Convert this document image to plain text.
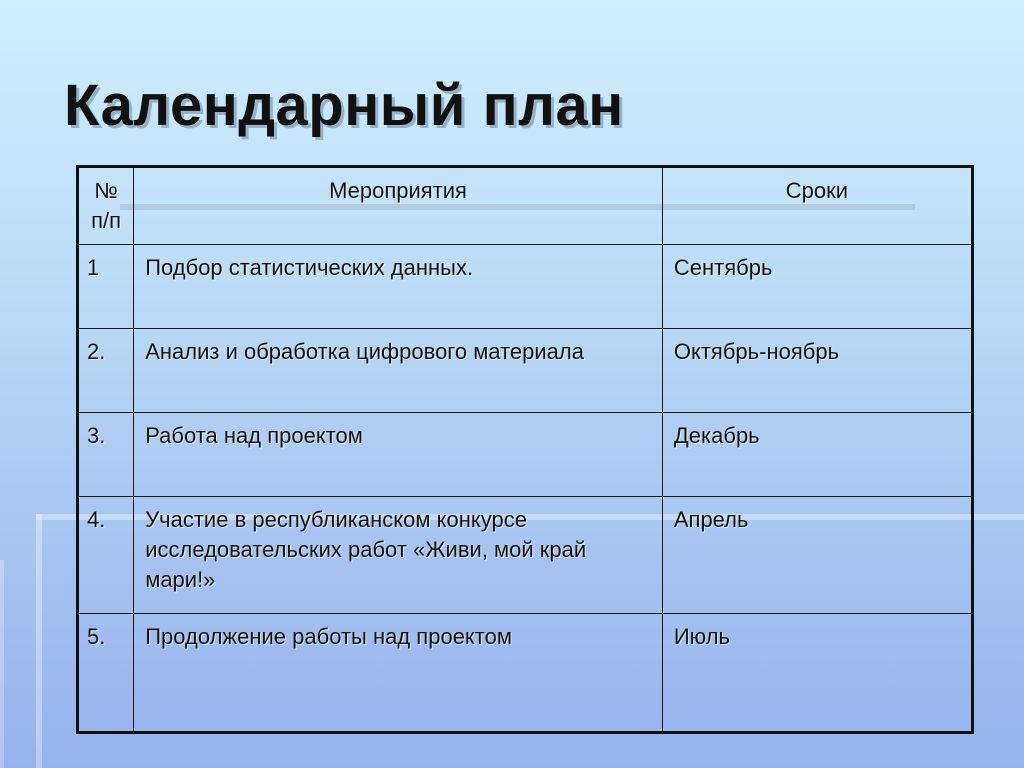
Календарный план
№ п/п	Мероприятия	Сроки
1	Подбор статистических данных.	Сентябрь
2.	Анализ и обработка цифрового материала	Октябрь-ноябрь
3.	Работа над проектом	Декабрь
4.	Участие в республиканском конкурсе исследовательских работ «Живи, мой край мари!»	Апрель
5.	Продолжение работы над проектом	Июль
